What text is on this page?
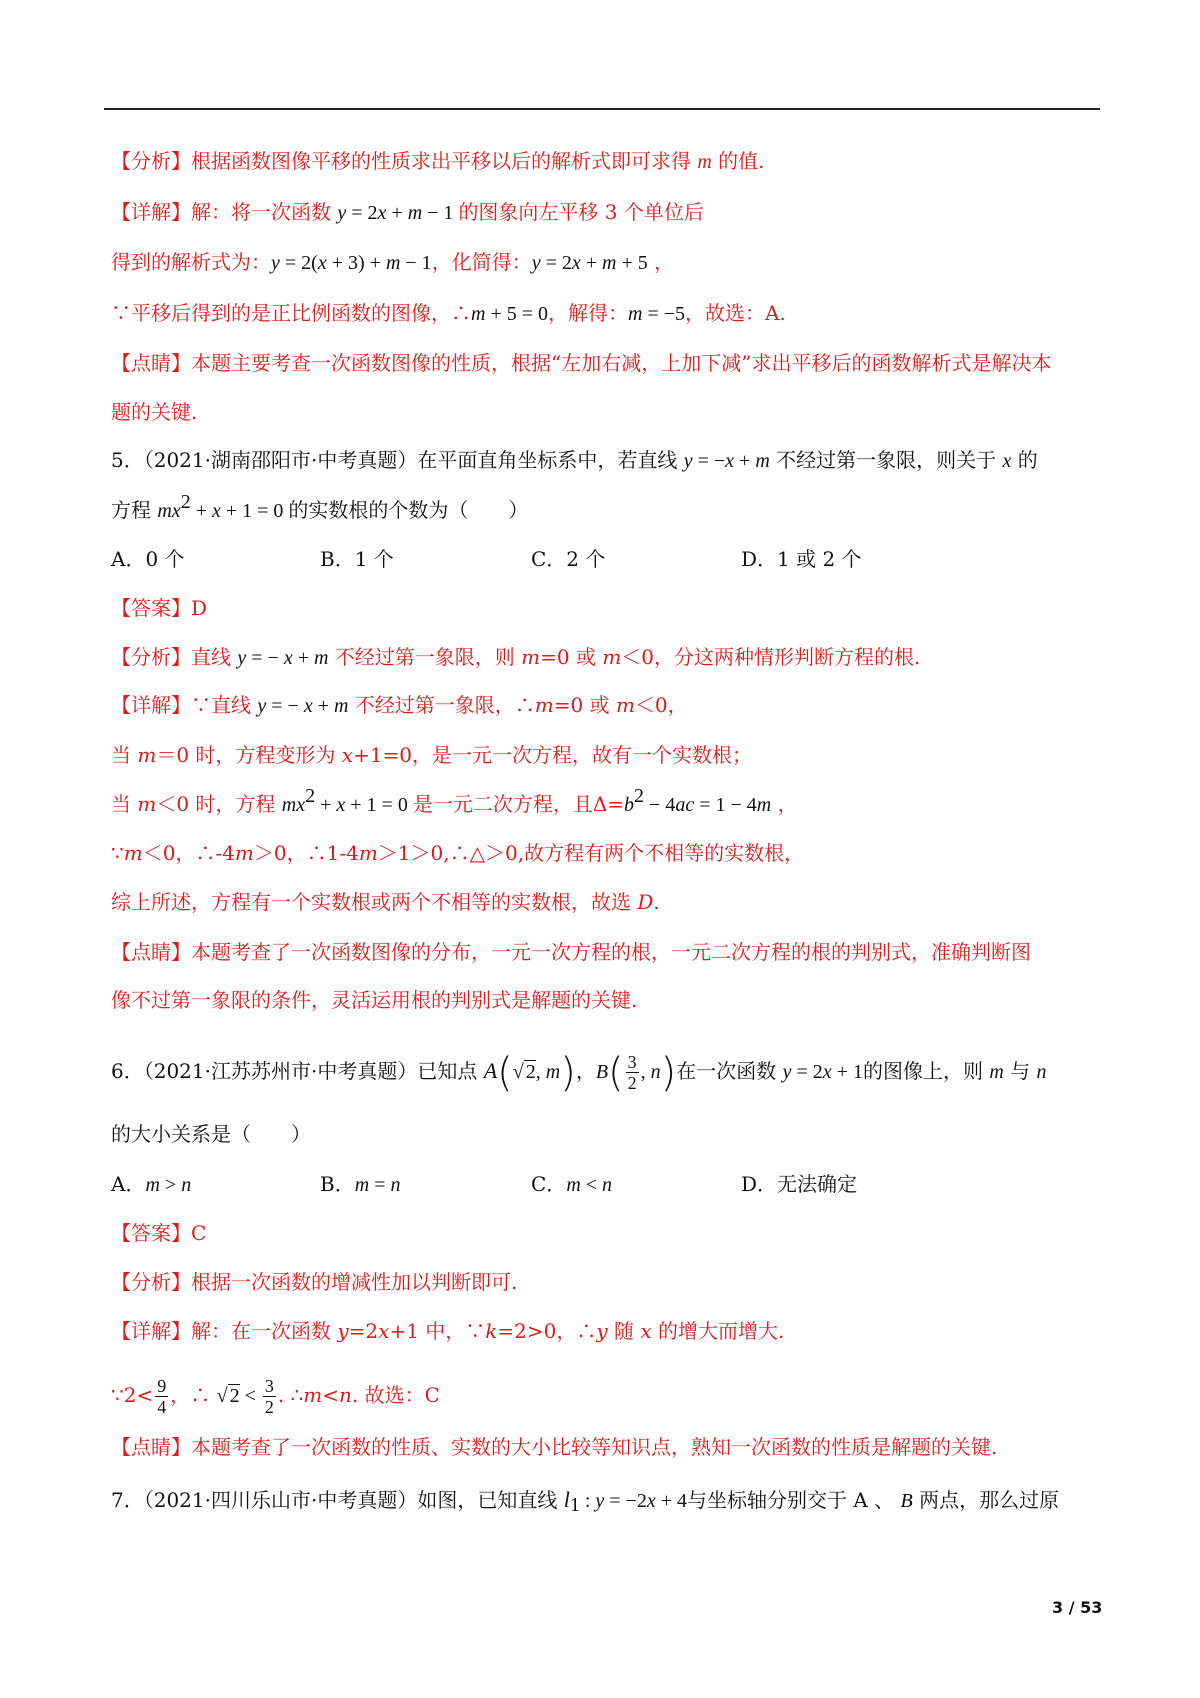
【分析】根据函数图像平移的性质求出平移以后的解析式即可求得 m 的值.
【详解】解：将一次函数 y = 2x + m − 1 的图象向左平移 3 个单位后
得到的解析式为：y = 2(x + 3) + m − 1，化简得：y = 2x + m + 5 ，
∵平移后得到的是正比例函数的图像，∴m + 5 = 0，解得：m = −5，故选：A.
【点睛】本题主要考查一次函数图像的性质，根据“左加右减，上加下减”求出平移后的函数解析式是解决本
题的关键.
5．（2021·湖南邵阳市·中考真题）在平面直角坐标系中，若直线 y = −x + m 不经过第一象限，则关于 x 的
方程 $mx^2 + x + 1 = 0$ 的实数根的个数为（　　）
A．0 个	B．1 个	C．2 个	D．1 或 2 个
【答案】D
【分析】直线 y = − x + m 不经过第一象限，则 m=0 或 m＜0，分这两种情形判断方程的根.
【详解】∵直线 y = − x + m 不经过第一象限，∴m=0 或 m＜0，
当 m＝0 时，方程变形为 x+1=0，是一元一次方程，故有一个实数根；
当 m＜0 时，方程 $mx^2 + x + 1 = 0$ 是一元二次方程，且$\Delta=b^2 - 4ac = 1 - 4m$ ，
∵m＜0，∴-4m＞0，∴1-4m＞1＞0,∴△＞0,故方程有两个不相等的实数根，
综上所述，方程有一个实数根或两个不相等的实数根，故选 D.
【点睛】本题考查了一次函数图像的分布，一元一次方程的根，一元二次方程的根的判别式，准确判断图
像不过第一象限的条件，灵活运用根的判别式是解题的关键.
6．（2021·江苏苏州市·中考真题）已知点 A(√ 2, m)，$B( \frac{3}{2}$ , n)在一次函数 y = 2x + 1的图像上，则 m 与 n
的大小关系是（　　）
A．m > n	B．m = n	C．m < n	D．无法确定
【答案】C
【分析】根据一次函数的增减性加以判断即可.
【详解】解：在一次函数 y=2x+1 中，∵k=2>0，∴y 随 x 的增大而增大.
∵2< $\frac{9}{4}$ ，∴ √ $2 < \frac{3}{2}$ . ∴m<n. 故选：C
【点睛】本题考查了一次函数的性质、实数的大小比较等知识点，熟知一次函数的性质是解题的关键.
7．（2021·四川乐山市·中考真题）如图，已知直线 $l_1$ : y = −2x + 4与坐标轴分别交于 A 、 B 两点，那么过原
3 / 53
